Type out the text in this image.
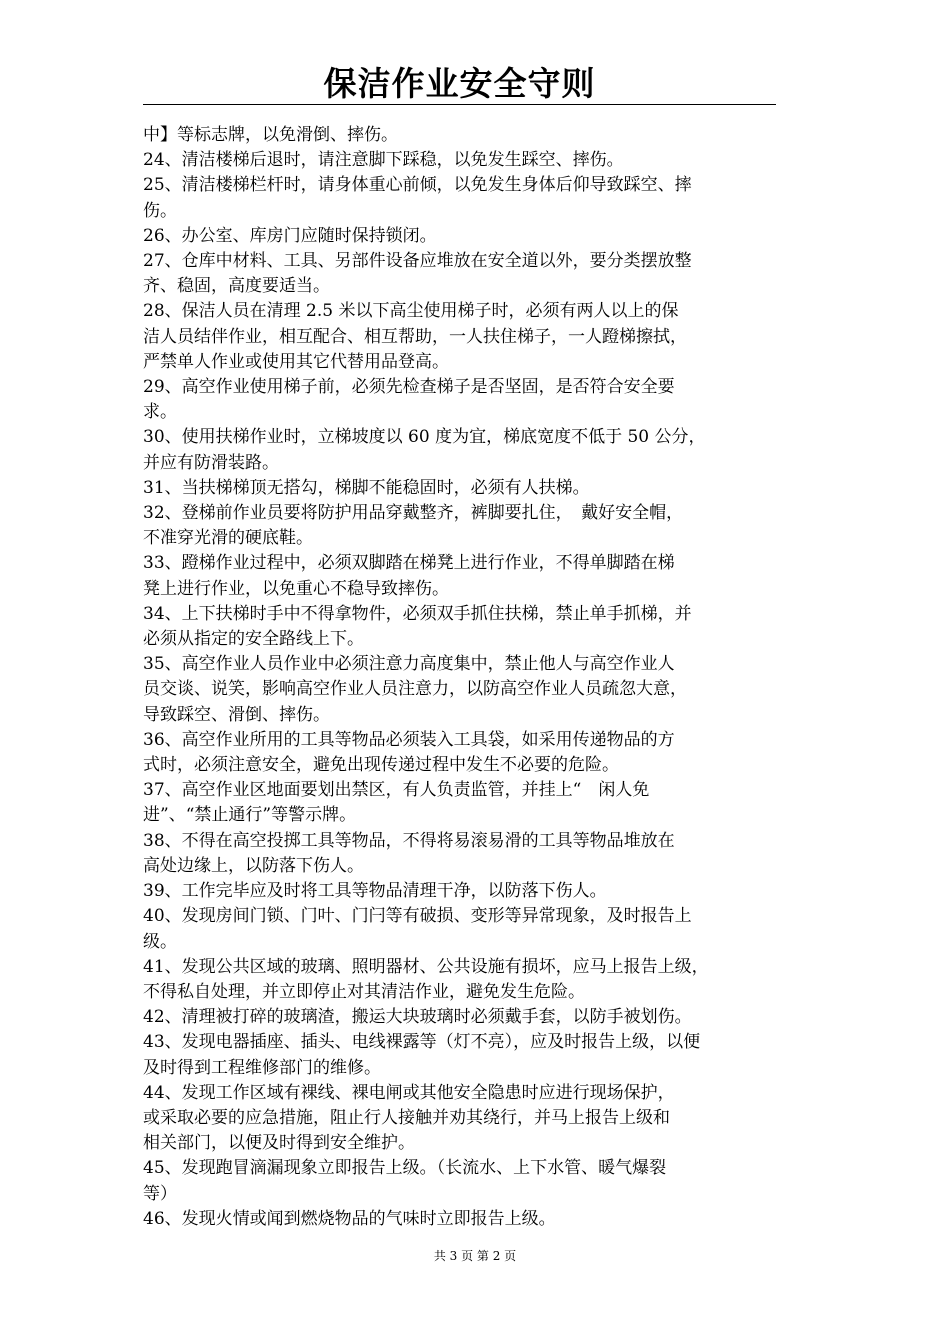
保洁作业安全守则

中】等标志牌，以免滑倒、摔伤。

24、清洁楼梯后退时，请注意脚下踩稳，以免发生踩空、摔伤。

25、清洁楼梯栏杆时，请身体重心前倾，以免发生身体后仰导致踩空、摔

伤。

26、办公室、库房门应随时保持锁闭。

27、仓库中材料、工具、另部件设备应堆放在安全道以外，要分类摆放整

齐、稳固，高度要适当。

28、保洁人员在清理 2.5 米以下高尘使用梯子时，必须有两人以上的保

洁人员结伴作业，相互配合、相互帮助，一人扶住梯子，一人蹬梯擦拭，

严禁单人作业或使用其它代替用品登高。

29、高空作业使用梯子前，必须先检查梯子是否坚固，是否符合安全要

求。

30、使用扶梯作业时，立梯坡度以 60 度为宜，梯底宽度不低于 50 公分，

并应有防滑装路。

31、当扶梯梯顶无搭勾，梯脚不能稳固时，必须有人扶梯。

32、登梯前作业员要将防护用品穿戴整齐，裤脚要扎住，　戴好安全帽，

不准穿光滑的硬底鞋。

33、蹬梯作业过程中，必须双脚踏在梯凳上进行作业，不得单脚踏在梯

凳上进行作业，以免重心不稳导致摔伤。

34、上下扶梯时手中不得拿物件，必须双手抓住扶梯，禁止单手抓梯，并

必须从指定的安全路线上下。

35、高空作业人员作业中必须注意力高度集中，禁止他人与高空作业人

员交谈、说笑，影响高空作业人员注意力，以防高空作业人员疏忽大意，

导致踩空、滑倒、摔伤。

36、高空作业所用的工具等物品必须装入工具袋，如采用传递物品的方

式时，必须注意安全，避免出现传递过程中发生不必要的危险。

37、高空作业区地面要划出禁区，有人负责监管，并挂上“　闲人免

进”、“禁止通行”等警示牌。

38、不得在高空投掷工具等物品，不得将易滚易滑的工具等物品堆放在

高处边缘上，以防落下伤人。

39、工作完毕应及时将工具等物品清理干净，以防落下伤人。

40、发现房间门锁、门叶、门闩等有破损、变形等异常现象，及时报告上

级。

41、发现公共区域的玻璃、照明器材、公共设施有损坏，应马上报告上级，

不得私自处理，并立即停止对其清洁作业，避免发生危险。

42、清理被打碎的玻璃渣，搬运大块玻璃时必须戴手套，以防手被划伤。

43、发现电器插座、插头、电线裸露等（灯不亮），应及时报告上级，以便

及时得到工程维修部门的维修。

44、发现工作区域有裸线、裸电闸或其他安全隐患时应进行现场保护，

或采取必要的应急措施，阻止行人接触并劝其绕行，并马上报告上级和

相关部门，以便及时得到安全维护。

45、发现跑冒滴漏现象立即报告上级。（长流水、上下水管、暖气爆裂

等）

46、发现火情或闻到燃烧物品的气味时立即报告上级。

共 3 页 第 2 页
